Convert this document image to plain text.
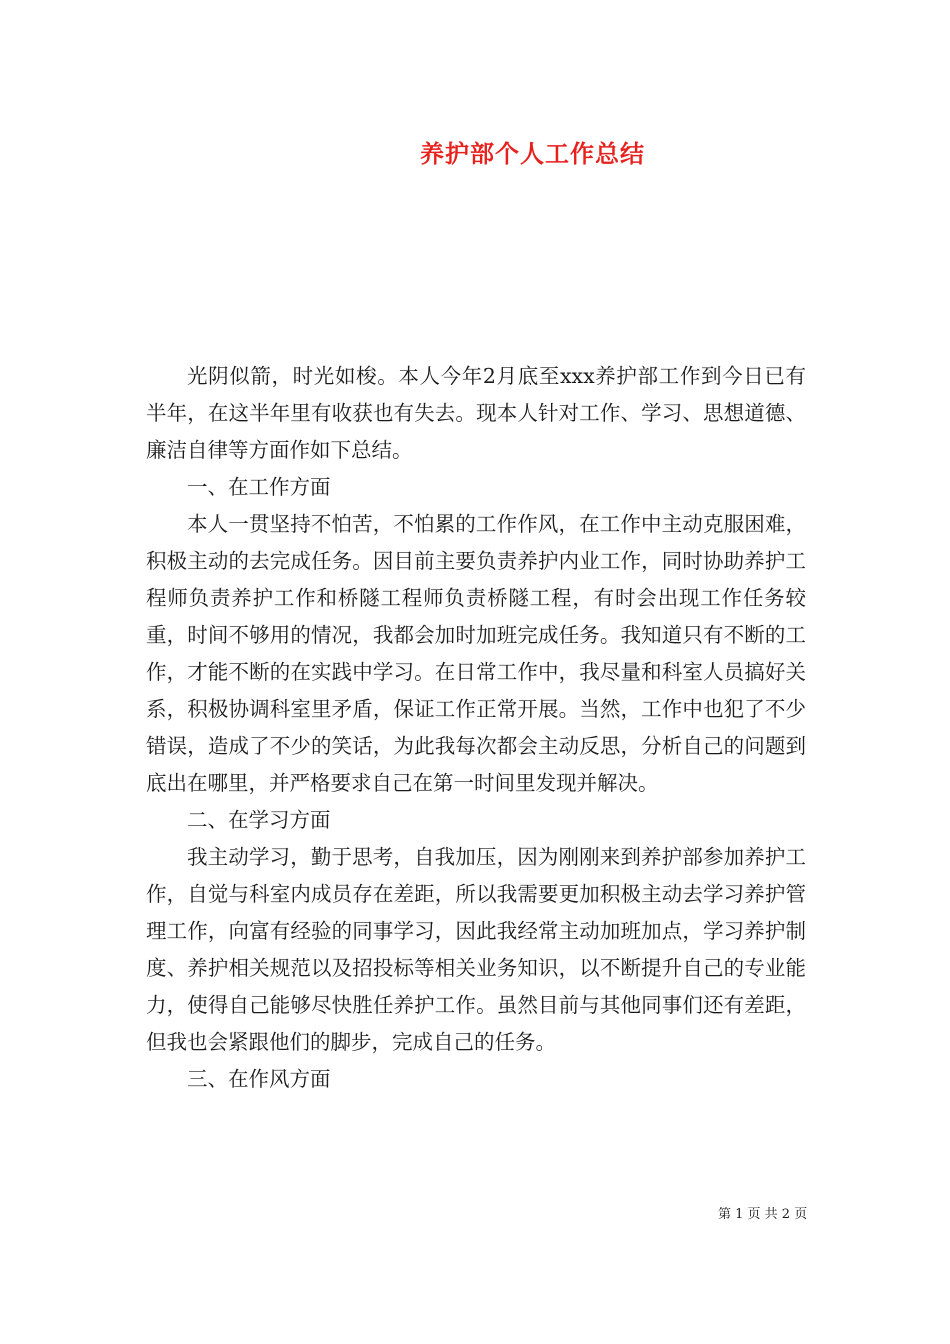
养护部个人工作总结

光阴似箭，时光如梭。本人今年2月底至xxx养护部工作到今日已有半年，在这半年里有收获也有失去。现本人针对工作、学习、思想道德、廉洁自律等方面作如下总结。

一、在工作方面

本人一贯坚持不怕苦，不怕累的工作作风，在工作中主动克服困难，积极主动的去完成任务。因目前主要负责养护内业工作，同时协助养护工程师负责养护工作和桥隧工程师负责桥隧工程，有时会出现工作任务较重，时间不够用的情况，我都会加时加班完成任务。我知道只有不断的工作，才能不断的在实践中学习。在日常工作中，我尽量和科室人员搞好关系，积极协调科室里矛盾，保证工作正常开展。当然，工作中也犯了不少错误，造成了不少的笑话，为此我每次都会主动反思，分析自己的问题到底出在哪里，并严格要求自己在第一时间里发现并解决。

二、在学习方面

我主动学习，勤于思考，自我加压，因为刚刚来到养护部参加养护工作，自觉与科室内成员存在差距，所以我需要更加积极主动去学习养护管理工作，向富有经验的同事学习，因此我经常主动加班加点，学习养护制度、养护相关规范以及招投标等相关业务知识，以不断提升自己的专业能力，使得自己能够尽快胜任养护工作。虽然目前与其他同事们还有差距，但我也会紧跟他们的脚步，完成自己的任务。

三、在作风方面

第 1 页 共 2 页
